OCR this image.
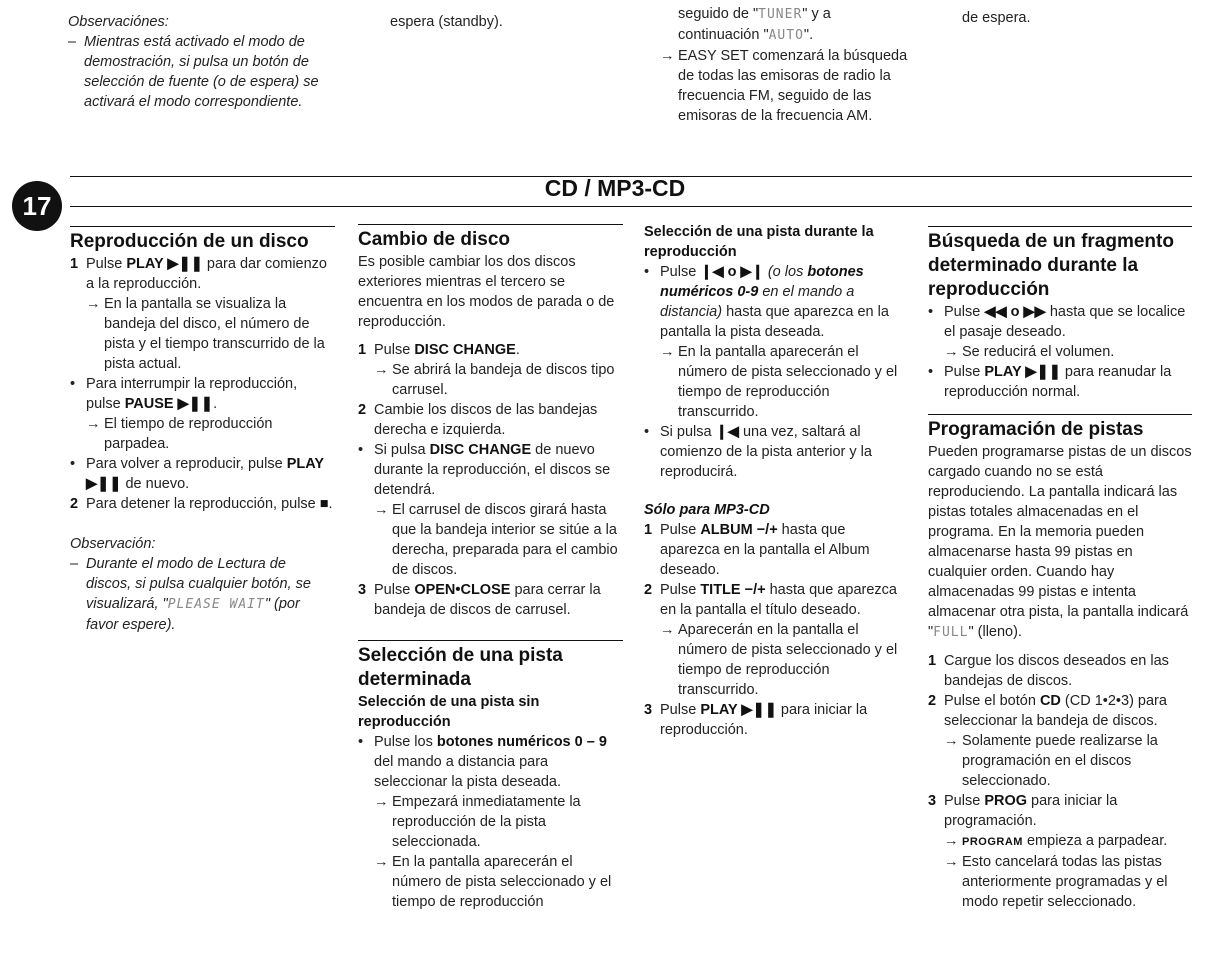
Observaciónes:
– Mientras está activado el modo de demostración, si pulsa un botón de selección de fuente (o de espera) se activará el modo correspondiente.
espera (standby).	seguido de "TUNER" y a continuación "AUTO".
→ EASY SET comenzará la búsqueda de todas las emisoras de radio la frecuencia FM, seguido de las emisoras de la frecuencia AM.
de espera.
17
CD / MP3-CD
Reproducción de un disco
1 Pulse PLAY ▶❚❚ para dar comienzo a la reproducción.
→ En la pantalla se visualiza la bandeja del disco, el número de pista y el tiempo transcurrido de la pista actual.
• Para interrumpir la reproducción, pulse PAUSE ▶❚❚.
→ El tiempo de reproducción parpadea.
• Para volver a reproducir, pulse PLAY ▶❚❚ de nuevo.
2 Para detener la reproducción, pulse ■.
Observación:
– Durante el modo de Lectura de discos, si pulsa cualquier botón, se visualizará, "PLEASE WAIT" (por favor espere).
Cambio de disco
Es posible cambiar los dos discos exteriores mientras el tercero se encuentra en los modos de parada o de reproducción.
1 Pulse DISC CHANGE.
→ Se abrirá la bandeja de discos tipo carrusel.
2 Cambie los discos de las bandejas derecha e izquierda.
• Si pulsa DISC CHANGE de nuevo durante la reproducción, el discos se detendrá.
→ El carrusel de discos girará hasta que la bandeja interior se sitúe a la derecha, preparada para el cambio de discos.
3 Pulse OPEN•CLOSE para cerrar la bandeja de discos de carrusel.
Selección de una pista determinada
Selección de una pista sin reproducción
• Pulse los botones numéricos 0 – 9 del mando a distancia para seleccionar la pista deseada.
→ Empezará inmediatamente la reproducción de la pista seleccionada.
→ En la pantalla aparecerán el número de pista seleccionado y el tiempo de reproducción
Selección de una pista durante la reproducción
• Pulse ❙◀ o ▶❙ (o los botones numéricos 0-9 en el mando a distancia) hasta que aparezca en la pantalla la pista deseada.
→ En la pantalla aparecerán el número de pista seleccionado y el tiempo de reproducción transcurrido.
• Si pulsa ❙◀ una vez, saltará al comienzo de la pista anterior y la reproducirá.
Sólo para MP3-CD
1 Pulse ALBUM −/+ hasta que aparezca en la pantalla el Album deseado.
2 Pulse TITLE −/+ hasta que aparezca en la pantalla el título deseado.
→ Aparecerán en la pantalla el número de pista seleccionado y el tiempo de reproducción transcurrido.
3 Pulse PLAY ▶❚❚ para iniciar la reproducción.
Búsqueda de un fragmento determinado durante la reproducción
• Pulse ◀◀ o ▶▶ hasta que se localice el pasaje deseado.
→ Se reducirá el volumen.
• Pulse PLAY ▶❚❚ para reanudar la reproducción normal.
Programación de pistas
Pueden programarse pistas de un discos cargado cuando no se está reproduciendo. La pantalla indicará las pistas totales almacenadas en el programa. En la memoria pueden almacenarse hasta 99 pistas en cualquier orden. Cuando hay almacenadas 99 pistas e intenta almacenar otra pista, la pantalla indicará "FULL" (lleno).
1 Cargue los discos deseados en las bandejas de discos.
2 Pulse el botón CD (CD 1•2•3) para seleccionar la bandeja de discos.
→ Solamente puede realizarse la programación en el discos seleccionado.
3 Pulse PROG para iniciar la programación.
→ PROGRAM empieza a parpadear.
→ Esto cancelará todas las pistas anteriormente programadas y el modo repetir seleccionado.
